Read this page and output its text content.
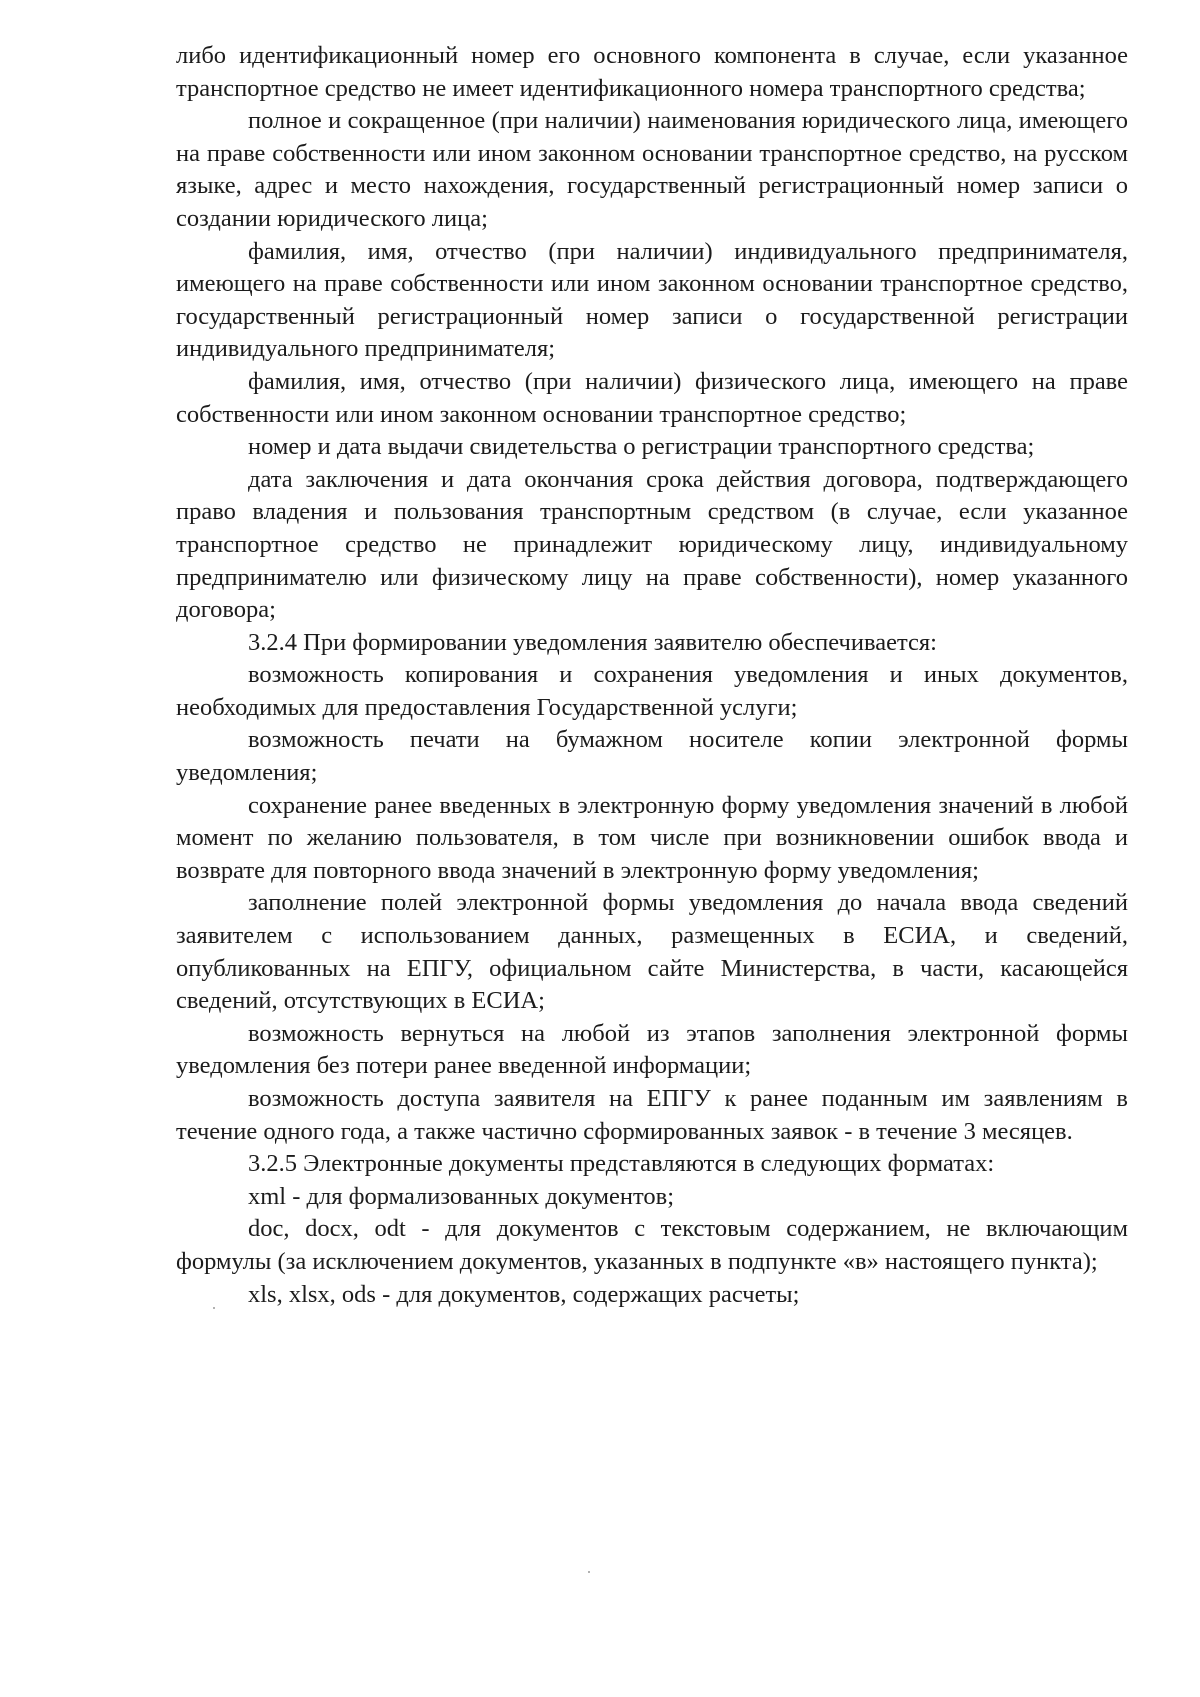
либо идентификационный номер его основного компонента в случае, если указанное транспортное средство не имеет идентификационного номера транспортного средства;

полное и сокращенное (при наличии) наименования юридического лица, имеющего на праве собственности или ином законном основании транспортное средство, на русском языке, адрес и место нахождения, государственный регистрационный номер записи о создании юридического лица;

фамилия, имя, отчество (при наличии) индивидуального предпринимателя, имеющего на праве собственности или ином законном основании транспортное средство, государственный регистрационный номер записи о государственной регистрации индивидуального предпринимателя;

фамилия, имя, отчество (при наличии) физического лица, имеющего на праве собственности или ином законном основании транспортное средство;

номер и дата выдачи свидетельства о регистрации транспортного средства;

дата заключения и дата окончания срока действия договора, подтверждающего право владения и пользования транспортным средством (в случае, если указанное транспортное средство не принадлежит юридическому лицу, индивидуальному предпринимателю или физическому лицу на праве собственности), номер указанного договора;

3.2.4 При формировании уведомления заявителю обеспечивается:

возможность копирования и сохранения уведомления и иных документов, необходимых для предоставления Государственной услуги;

возможность печати на бумажном носителе копии электронной формы уведомления;

сохранение ранее введенных в электронную форму уведомления значений в любой момент по желанию пользователя, в том числе при возникновении ошибок ввода и возврате для повторного ввода значений в электронную форму уведомления;

заполнение полей электронной формы уведомления до начала ввода сведений заявителем с использованием данных, размещенных в ЕСИА, и сведений, опубликованных на ЕПГУ, официальном сайте Министерства, в части, касающейся сведений, отсутствующих в ЕСИА;

возможность вернуться на любой из этапов заполнения электронной формы уведомления без потери ранее введенной информации;

возможность доступа заявителя на ЕПГУ к ранее поданным им заявлениям в течение одного года, а также частично сформированных заявок - в течение 3 месяцев.

3.2.5 Электронные документы представляются в следующих форматах:

xml - для формализованных документов;

doc, docx, odt - для документов с текстовым содержанием, не включающим формулы (за исключением документов, указанных в подпункте «в» настоящего пункта);

xls, xlsx, ods - для документов, содержащих расчеты;
